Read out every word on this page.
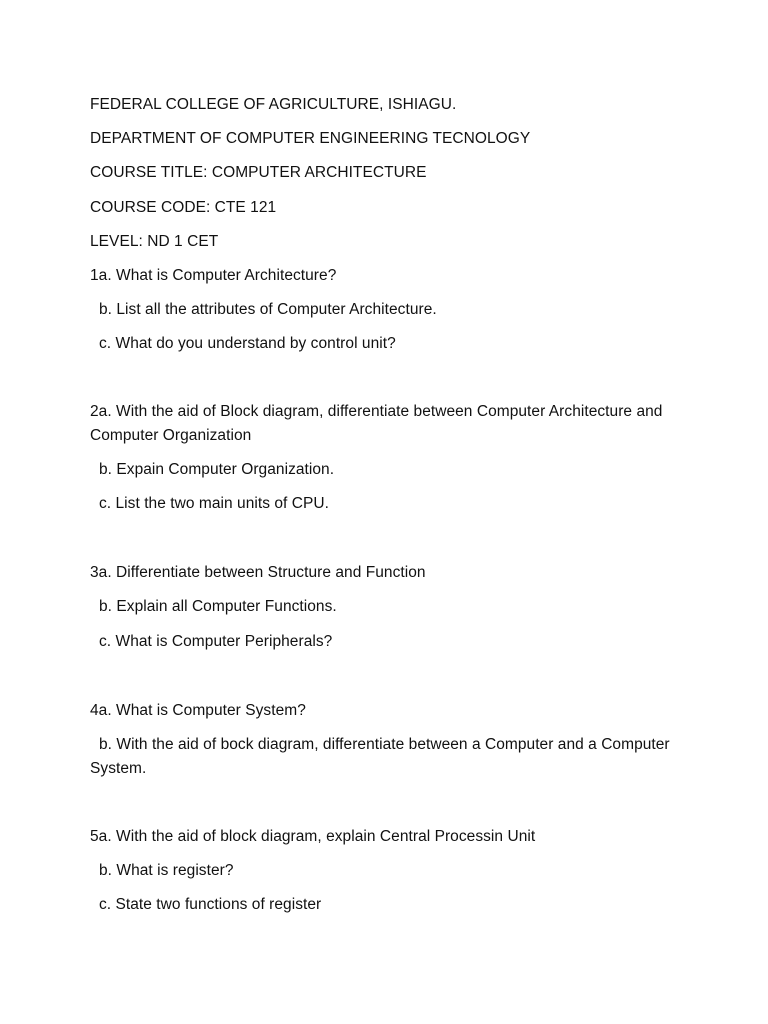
FEDERAL COLLEGE OF AGRICULTURE, ISHIAGU.
DEPARTMENT OF COMPUTER ENGINEERING TECNOLOGY
COURSE TITLE: COMPUTER ARCHITECTURE
COURSE CODE: CTE 121
LEVEL: ND 1 CET
1a. What is Computer Architecture?
b. List all the attributes of Computer Architecture.
c. What do you understand by control unit?
2a. With the aid of Block diagram, differentiate between Computer Architecture and Computer Organization
b. Expain Computer Organization.
c. List the two main units of CPU.
3a. Differentiate between Structure and Function
b. Explain all Computer Functions.
c. What is Computer Peripherals?
4a. What is Computer System?
b. With the aid of bock diagram, differentiate between a Computer and a Computer System.
5a. With the aid of block diagram, explain Central Processin Unit
b. What is register?
c. State two functions of register
